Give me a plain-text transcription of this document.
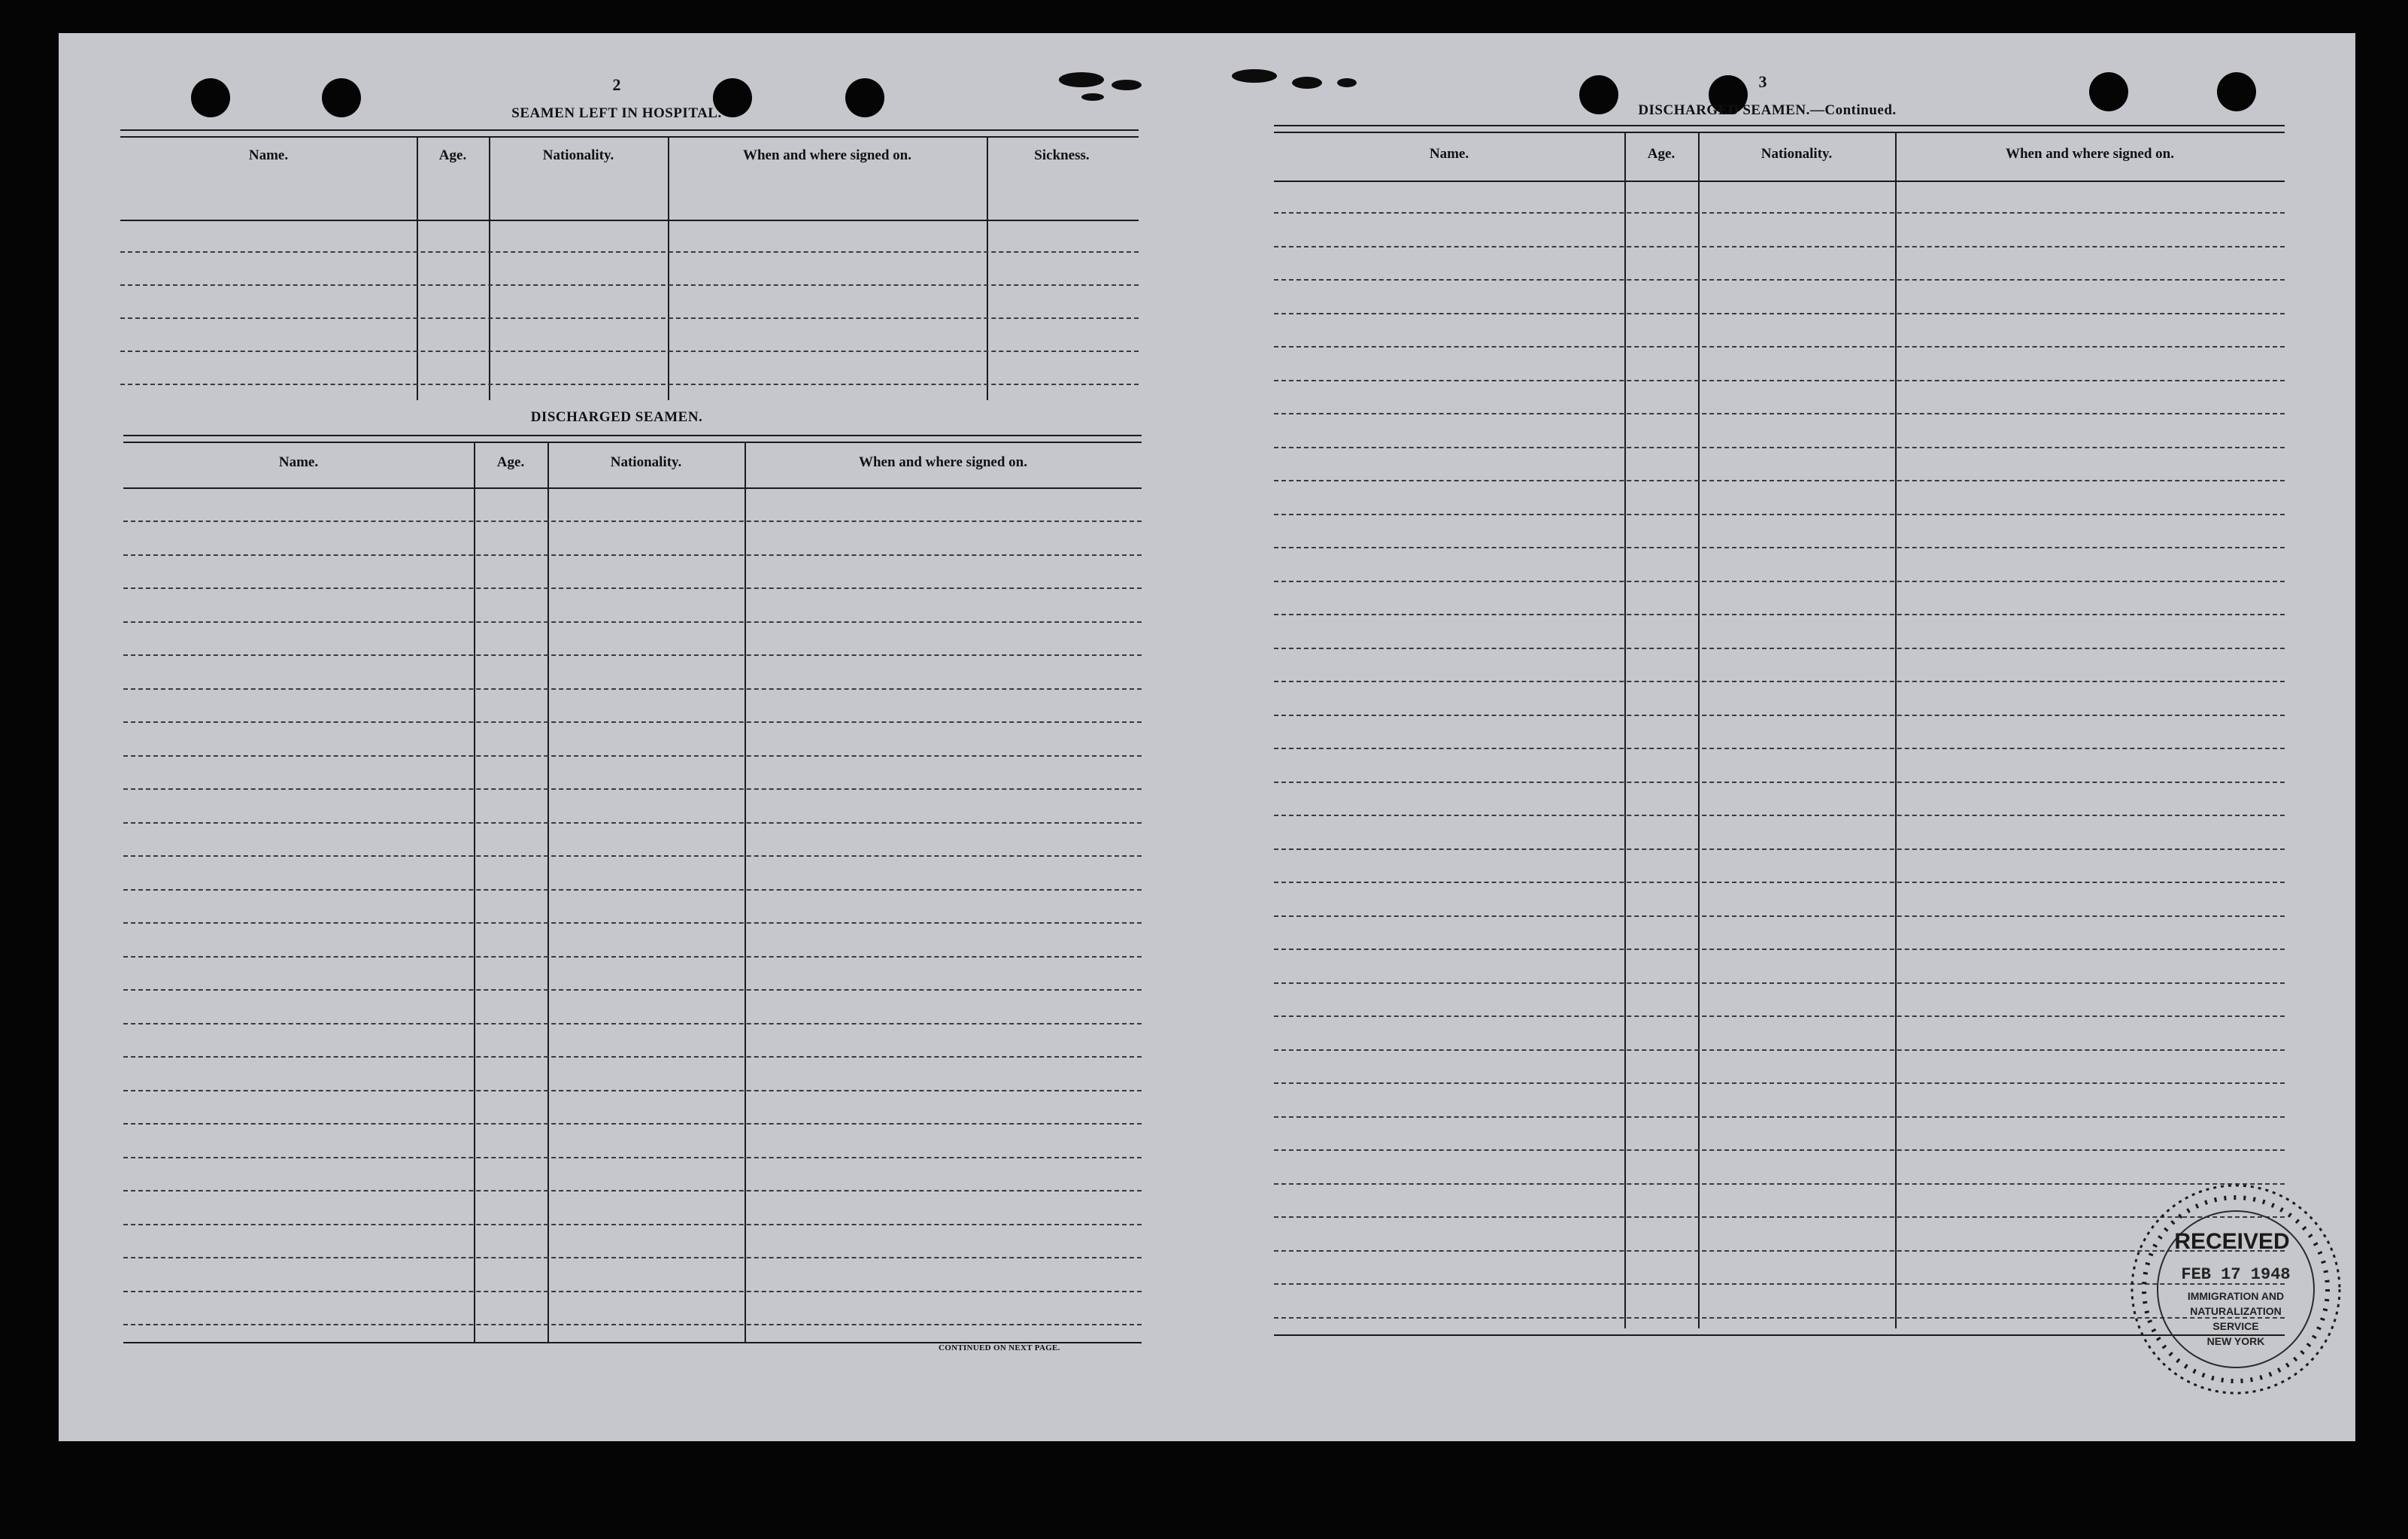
2
SEAMEN LEFT IN HOSPITAL.
Name.	Age.	Nationality.	When and where signed on.	Sickness.
DISCHARGED SEAMEN.
Name.	Age.	Nationality.	When and where signed on.
CONTINUED ON NEXT PAGE.
3
DISCHARGED SEAMEN.—Continued.
Name.	Age.	Nationality.	When and where signed on.
RECEIVED
FEB 17 1948
IMMIGRATION AND
NATURALIZATION
SERVICE
NEW YORK
